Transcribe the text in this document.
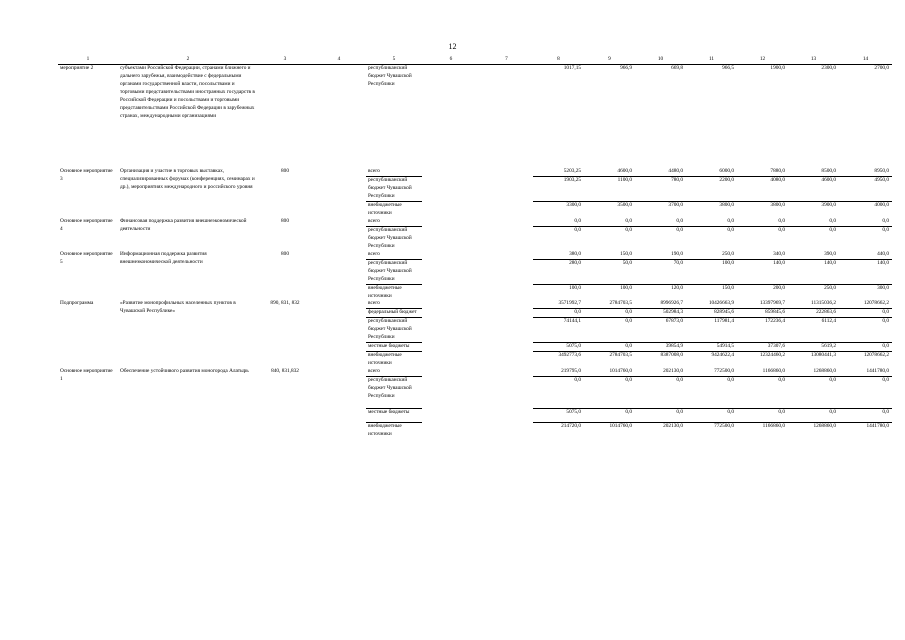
12
1	2	3	4	5	6	7	8	9	10	11	12	13	14
мероприятие 2	субъектами Российской Федерации, странами ближнего и дальнего зарубежья, взаимодействие с федеральными органами государственной власти, посольствами и торговыми представительствами иностранных государств в Российской Федерации и посольствами и торговыми представительствами Российской Федерации в зарубежных странах, международными организациями			республиканский бюджет Чувашской Республики			1017,15	966,9	669,8	966,5	1900,0	2300,0	2700,0
Основное мероприятие 3	Организация и участие в торговых выставках, специализированных форумах (конференциях, семинарах и др.), мероприятиях международного и российского уровня	800		всего			5203,25	4600,0	4480,0	6000,0	7880,0	8500,0	8950,0
				республиканский бюджет Чувашской Республики			1903,25	1100,0	780,0	2200,0	4080,0	4600,0	4950,0
				внебюджетные источники			3300,0	3500,0	3700,0	3800,0	3800,0	3900,0	4000,0
Основное мероприятие 4	Финансовая поддержка развития внешнеэкономической деятельности	800		всего			0,0	0,0	0,0	0,0	0,0	0,0	0,0
				республиканский бюджет Чувашской Республики			0,0	0,0	0,0	0,0	0,0	0,0	0,0
Основное мероприятие 5	Информационная поддержка развития внешнеэкономической деятельности	800		всего			380,0	150,0	190,0	250,0	340,0	390,0	440,0
				республиканский бюджет Чувашской Республики			280,0	50,0	70,0	100,0	140,0	140,0	140,0
				внебюджетные источники			100,0	100,0	120,0	150,0	200,0	250,0	300,0
Подпрограмма	«Развитие монопрофильных населенных пунктов в Чувашской Республике»	890, 831, 832		всего			3571992,7	2784703,5	8996926,7	10426663,9	13397969,7	11315036,2	12078662,2
				федеральный бюджет			0,0	0,0	502984,3	828945,6	859845,6	222863,6	0,0
				республиканский бюджет Чувашской Республики			74144,1	0,0	67873,0	117981,4	172236,4	6112,4	0,0
				местные бюджеты			5075,0	0,0	39854,9	54914,5	37307,6	5619,2	0,0
				внебюджетные источники			3492773,6	2784703,5	8387008,0	9424622,4	12324460,2	13080441,3	12078662,2
Основное мероприятие 1	Обеспечение устойчивого развития моногорода Алатырь	840, 831,832		всего			219795,0	1014760,0	202130,0	772500,0	1166860,0	1268860,0	1441780,0
				республиканский бюджет Чувашской Республики			0,0	0,0	0,0	0,0	0,0	0,0	0,0
				местные бюджеты			5075,0	0,0	0,0	0,0	0,0	0,0	0,0
				внебюджетные источники			214720,0	1014760,0	202130,0	772500,0	1166860,0	1268860,0	1441780,0
